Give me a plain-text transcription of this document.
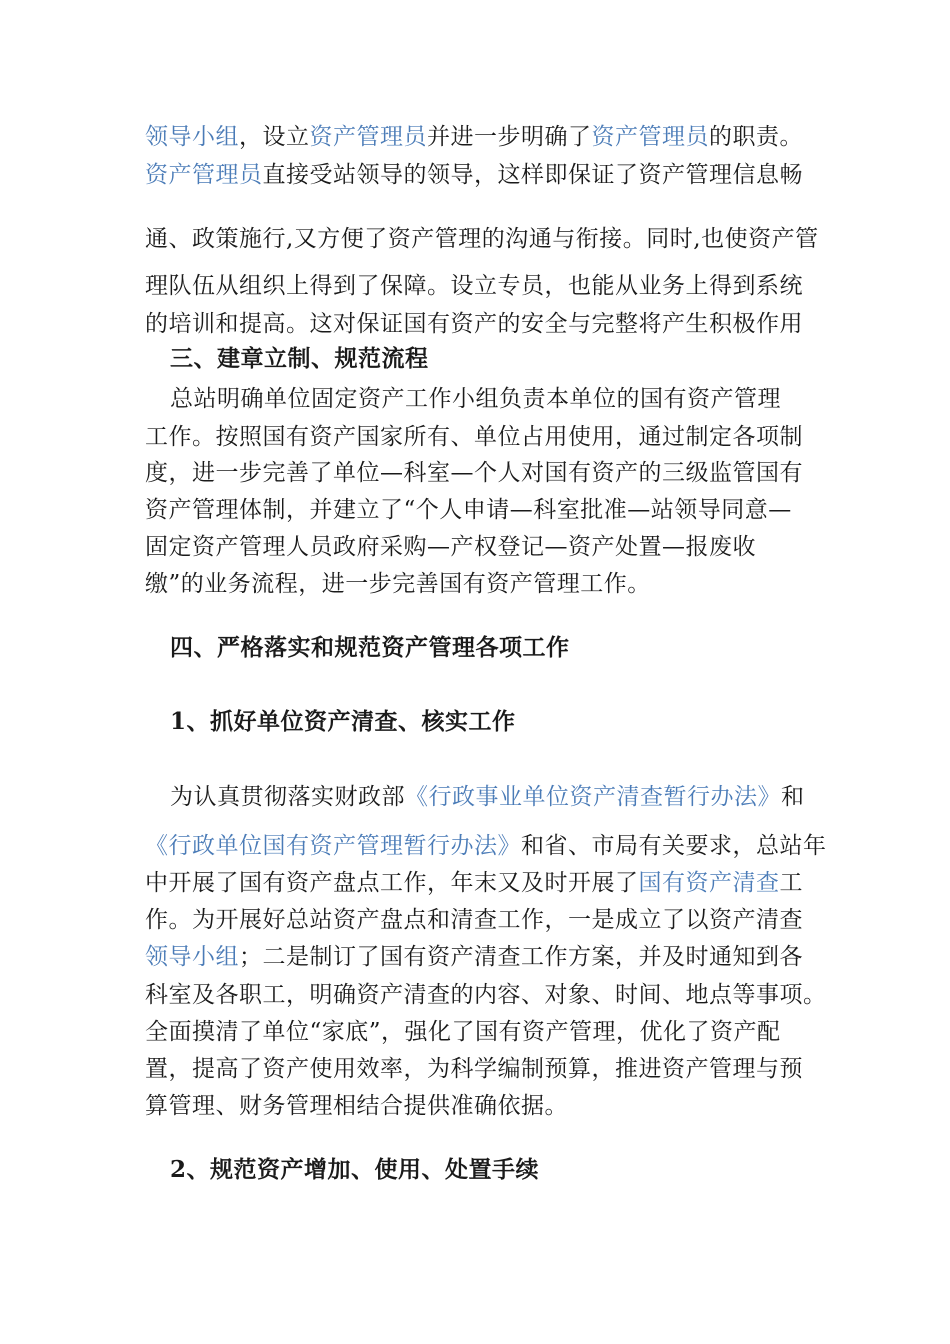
领导小组，设立资产管理员并进一步明确了资产管理员的职责。
资产管理员直接受站领导的领导，这样即保证了资产管理信息畅
通、政策施行,又方便了资产管理的沟通与衔接。同时,也使资产管
理队伍从组织上得到了保障。设立专员，也能从业务上得到系统
的培训和提高。这对保证国有资产的安全与完整将产生积极作用
三、建章立制、规范流程
总站明确单位固定资产工作小组负责本单位的国有资产管理
工作。按照国有资产国家所有、单位占用使用，通过制定各项制
度，进一步完善了单位—科室—个人对国有资产的三级监管国有
资产管理体制，并建立了“个人申请—科室批准—站领导同意—
固定资产管理人员政府采购—产权登记—资产处置—报废收
缴”的业务流程，进一步完善国有资产管理工作。
四、严格落实和规范资产管理各项工作
1、抓好单位资产清查、核实工作
为认真贯彻落实财政部《行政事业单位资产清查暂行办法》和
《行政单位国有资产管理暂行办法》和省、市局有关要求，总站年
中开展了国有资产盘点工作，年末又及时开展了国有资产清查工
作。为开展好总站资产盘点和清查工作，一是成立了以资产清查
领导小组；二是制订了国有资产清查工作方案，并及时通知到各
科室及各职工，明确资产清查的内容、对象、时间、地点等事项。
全面摸清了单位“家底”，强化了国有资产管理，优化了资产配
置，提高了资产使用效率，为科学编制预算，推进资产管理与预
算管理、财务管理相结合提供准确依据。
2、规范资产增加、使用、处置手续
